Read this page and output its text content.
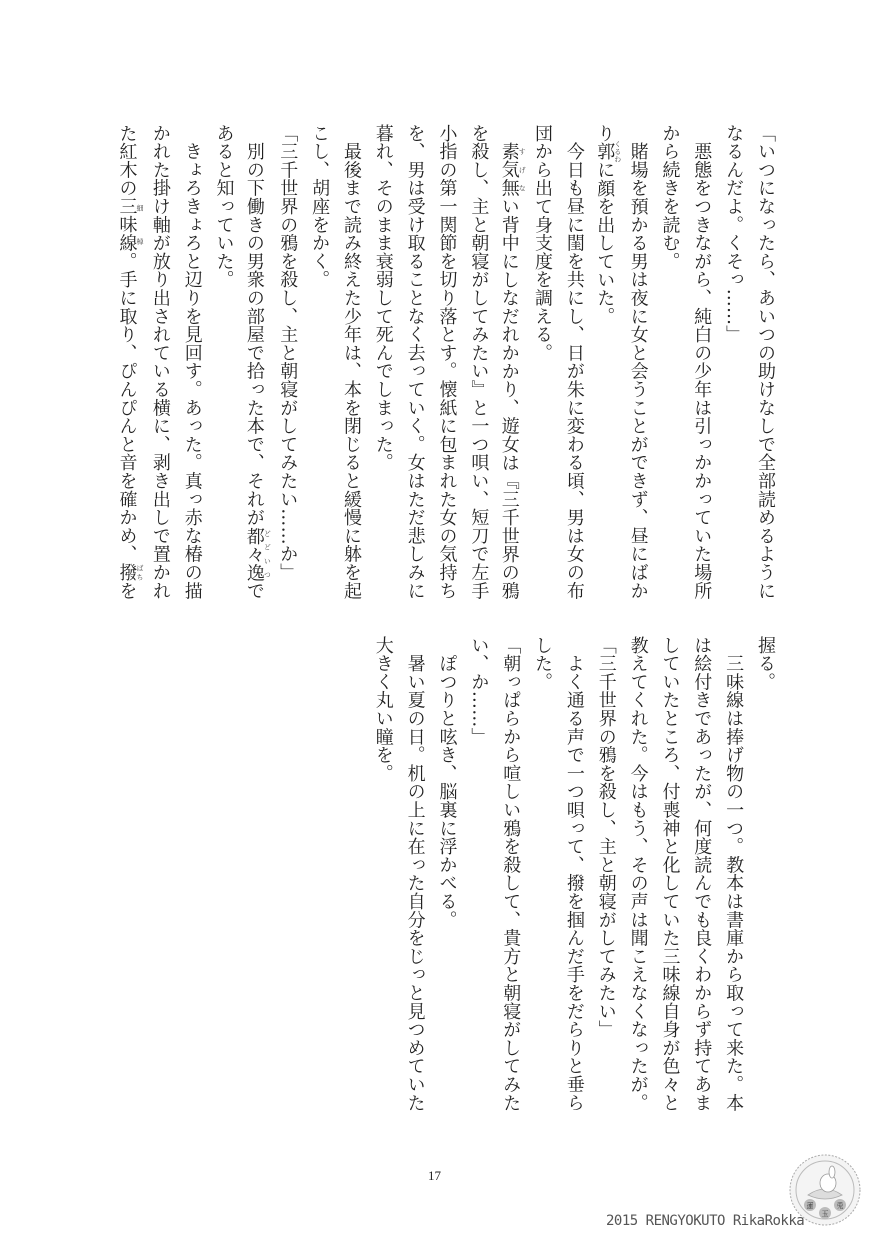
「いつになったら、あいつの助けなしで全部読めるように
なるんだよ。くそっ……」
　悪態をつきながら、純白の少年は引っかかっていた場所
から続きを読む。
　賭場を預かる男は夜に女と会うことができず、昼にばか
り郭くるわに顔を出していた。
　今日も昼に閨を共にし、日が朱に変わる頃、男は女の布
団から出て身支度を調える。
　素気無すげない背中にしなだれかかり、遊女は『三千世界の鴉
を殺し、主と朝寝がしてみたい』と一つ唄い、短刀で左手
小指の第一関節を切り落とす。懐紙に包まれた女の気持ち
を、男は受け取ることなく去っていく。女はただ悲しみに
暮れ、そのまま衰弱して死んでしまった。
　最後まで読み終えた少年は、本を閉じると緩慢に躰を起
こし、胡座をかく。
「三千世界の鴉を殺し、主と朝寝がしてみたい……か」
　別の下働きの男衆の部屋で拾った本で、それが都々逸どどいつで
あると知っていた。
　きょろきょろと辺りを見回す。あった。真っ赤な椿の描
かれた掛け軸が放り出されている横に、剥き出しで置かれ
た紅木の三味線細棹。手に取り、ぴんぴんと音を確かめ、撥ばちを
握る。
　三味線は捧げ物の一つ。教本は書庫から取って来た。本
は絵付きであったが、何度読んでも良くわからず持てあま
していたところ、付喪神と化していた三味線自身が色々と
教えてくれた。今はもう、その声は聞こえなくなったが。
「三千世界の鴉を殺し、主と朝寝がしてみたい」
　よく通る声で一つ唄って、撥を掴んだ手をだらりと垂ら
した。
「朝っぱらから喧しい鴉を殺して、貴方と朝寝がしてみた
い、か……」
　ぽつりと呟き、脳裏に浮かべる。
　暑い夏の日。机の上に在った自分をじっと見つめていた
大きく丸い瞳を。
17
2015 RENGYOKUTO RikaRokka
蓮
玉
兎
